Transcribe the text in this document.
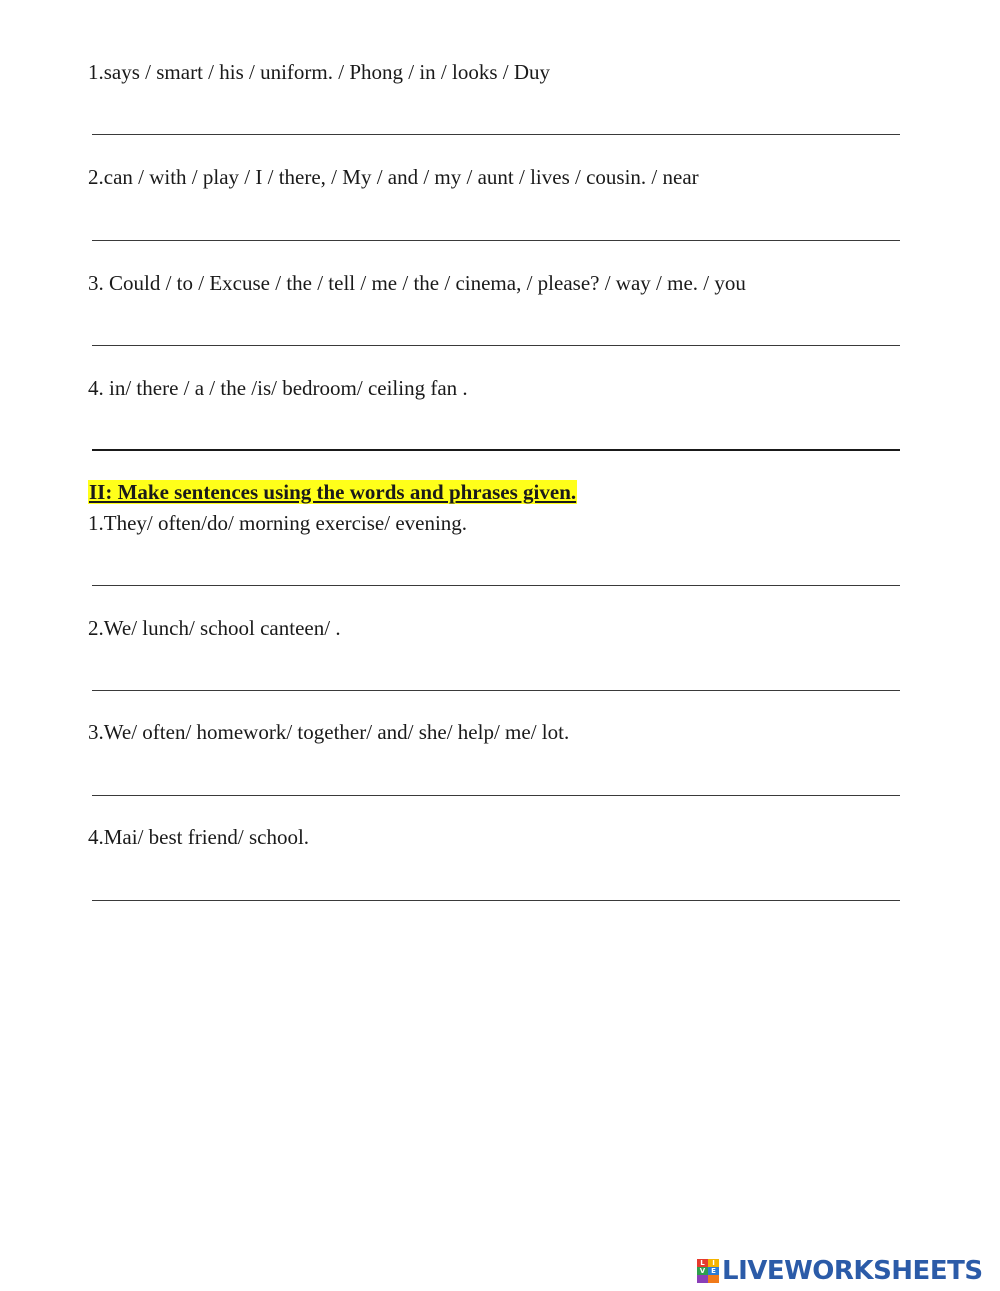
1.says / smart / his / uniform. / Phong / in / looks / Duy
2.can / with / play / I / there, / My / and / my / aunt / lives / cousin. / near
3. Could / to / Excuse / the / tell / me / the / cinema, / please? / way / me. / you
4. in/ there / a / the /is/ bedroom/ ceiling fan .
II: Make sentences using the words and phrases given.
1.They/ often/do/ morning exercise/ evening.
2.We/ lunch/ school canteen/ .
3.We/ often/ homework/ together/ and/ she/ help/ me/ lot.
4.Mai/ best friend/ school.
L	I
V E LIVEWORKSHEETS
